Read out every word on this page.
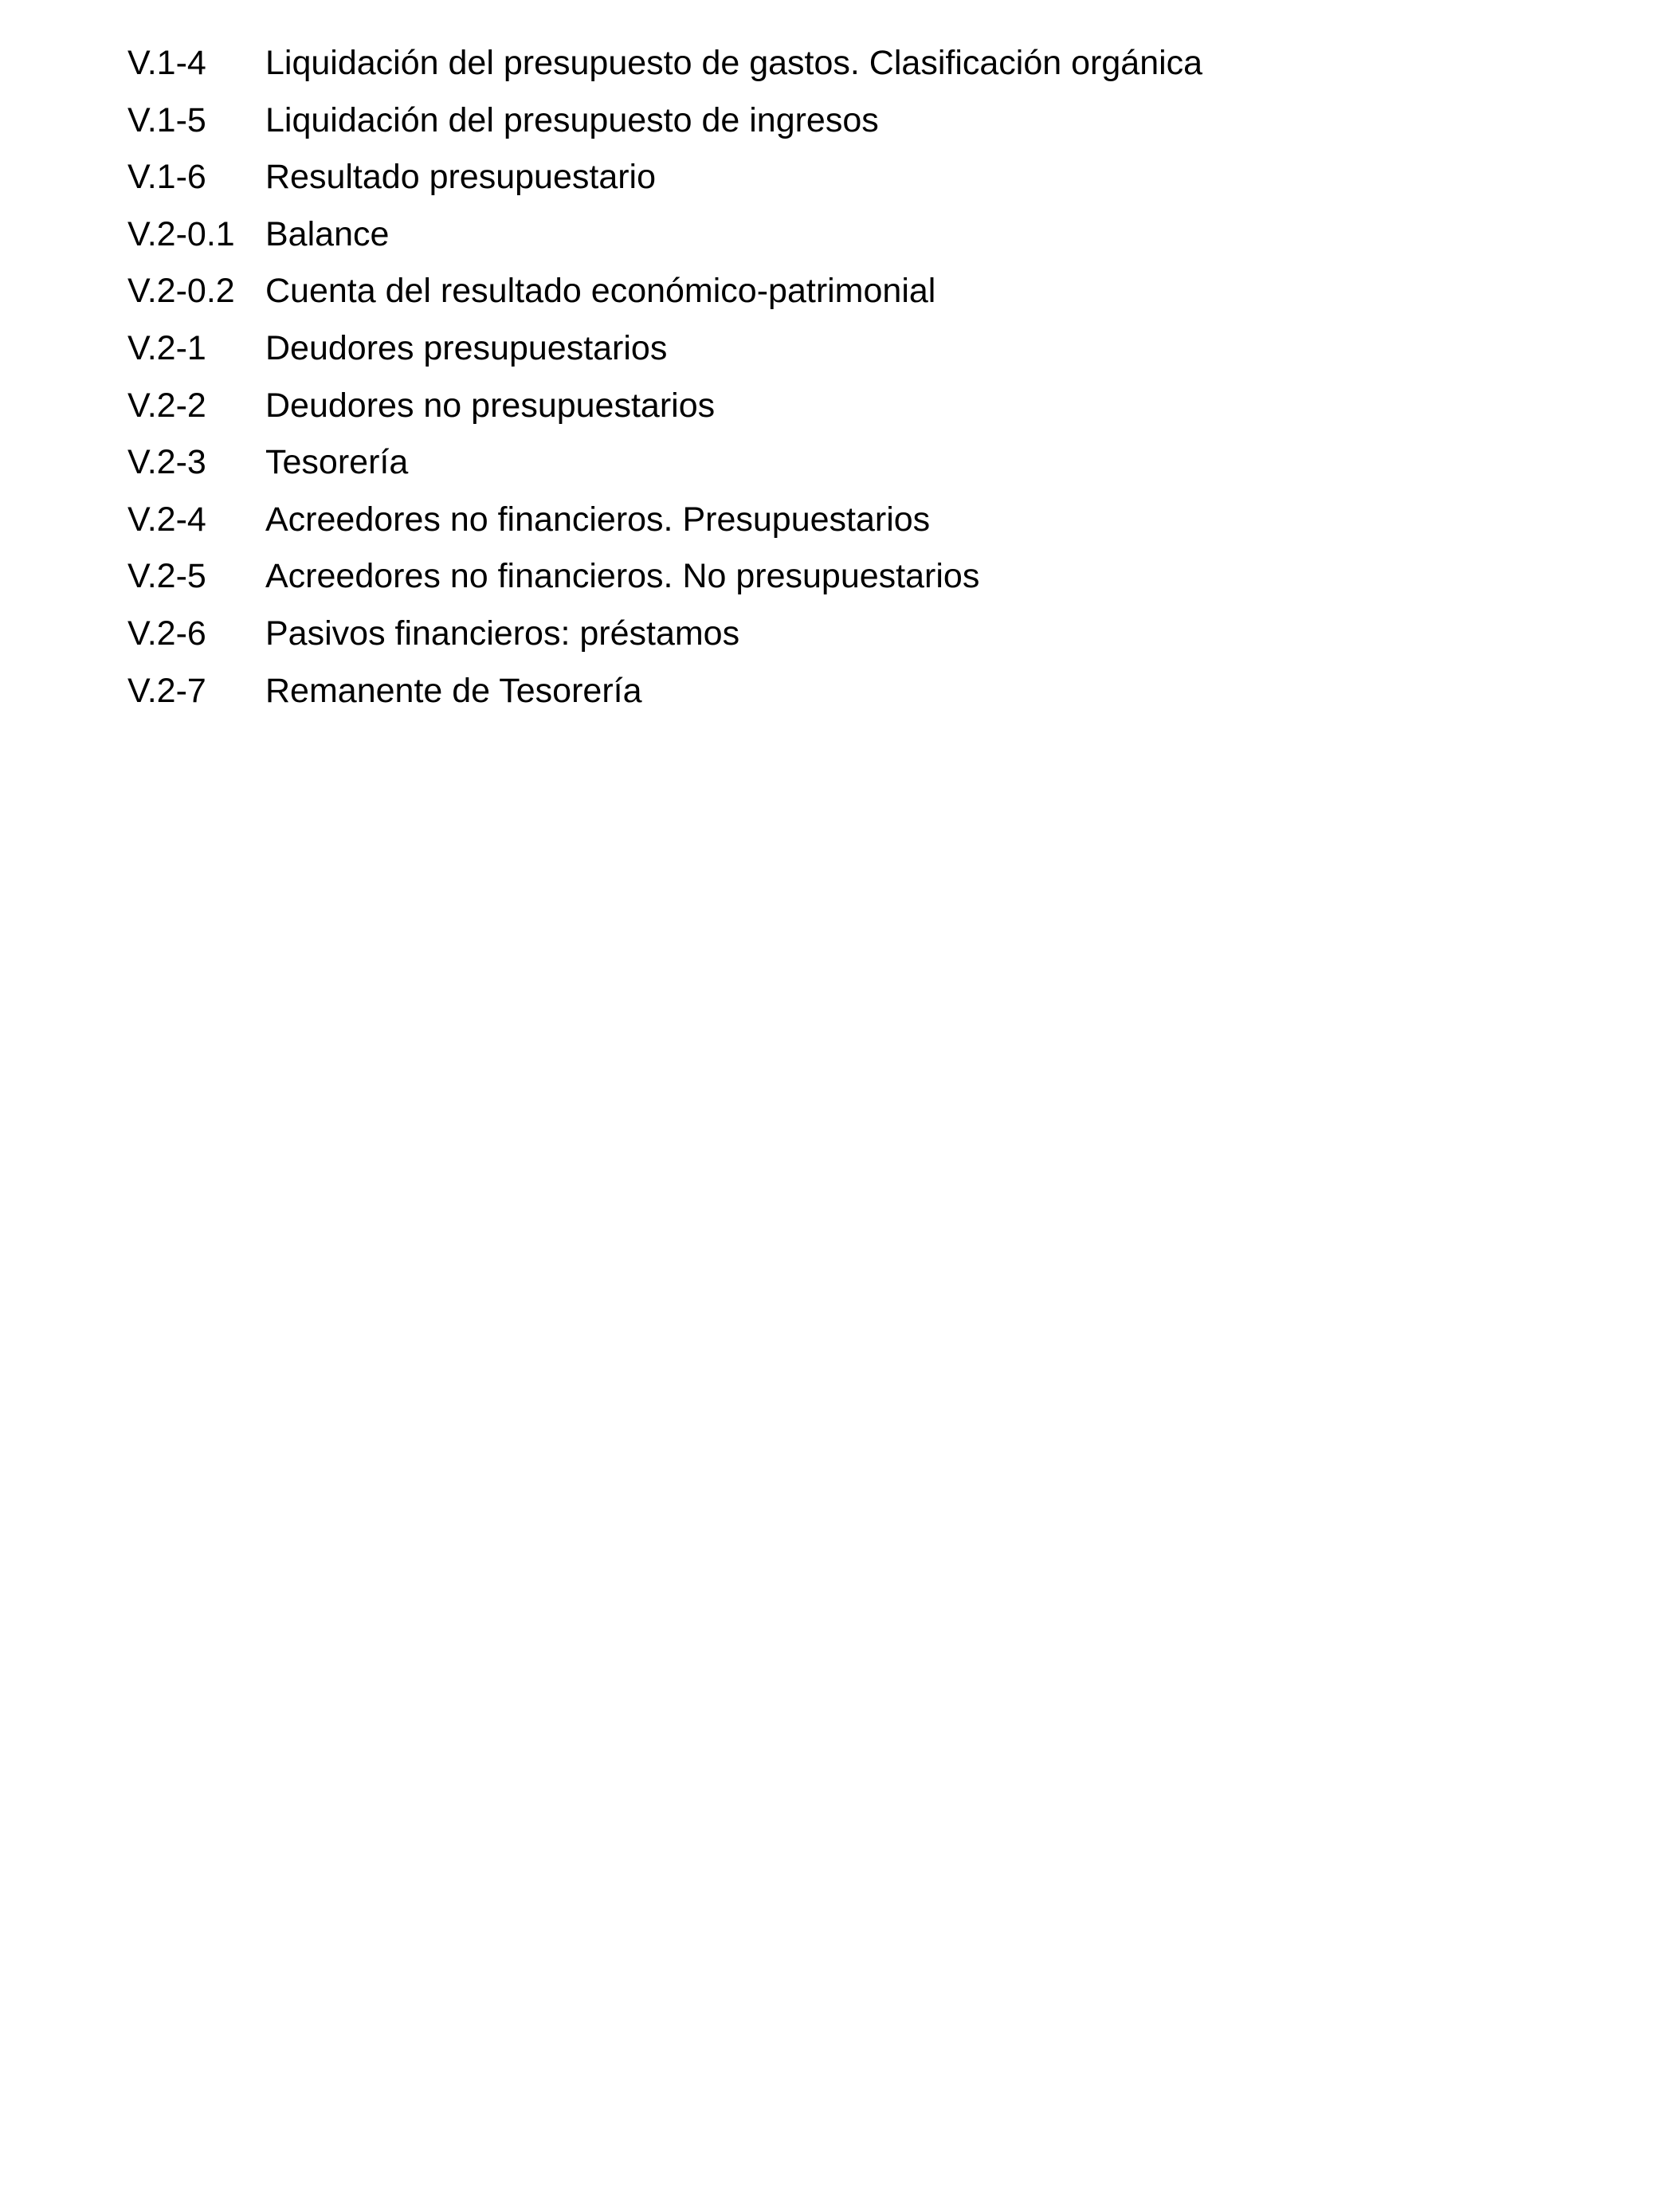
V.1-4	Liquidación del presupuesto de gastos. Clasificación orgánica
V.1-5	Liquidación del presupuesto de ingresos
V.1-6	Resultado presupuestario
V.2-0.1 Balance
V.2-0.2 Cuenta del resultado económico-patrimonial
V.2-1	Deudores presupuestarios
V.2-2	Deudores no presupuestarios
V.2-3	Tesorería
V.2-4	Acreedores no financieros. Presupuestarios
V.2-5	Acreedores no financieros. No presupuestarios
V.2-6	Pasivos financieros: préstamos
V.2-7	Remanente de Tesorería
